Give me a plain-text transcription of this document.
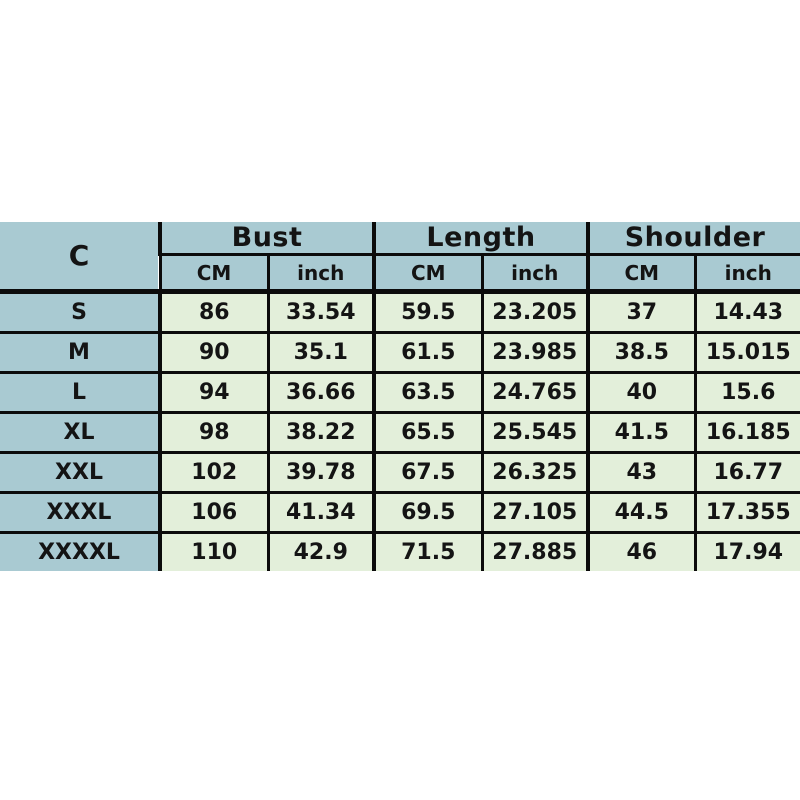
C	Bust		Length		Shoulder	
	CM	inch	CM	inch	CM	inch
S	86	33.54	59.5	23.205	37	14.43
M	90	35.1	61.5	23.985	38.5	15.015
L	94	36.66	63.5	24.765	40	15.6
XL	98	38.22	65.5	25.545	41.5	16.185
XXL	102	39.78	67.5	26.325	43	16.77
XXXL	106	41.34	69.5	27.105	44.5	17.355
XXXXL	110	42.9	71.5	27.885	46	17.94
